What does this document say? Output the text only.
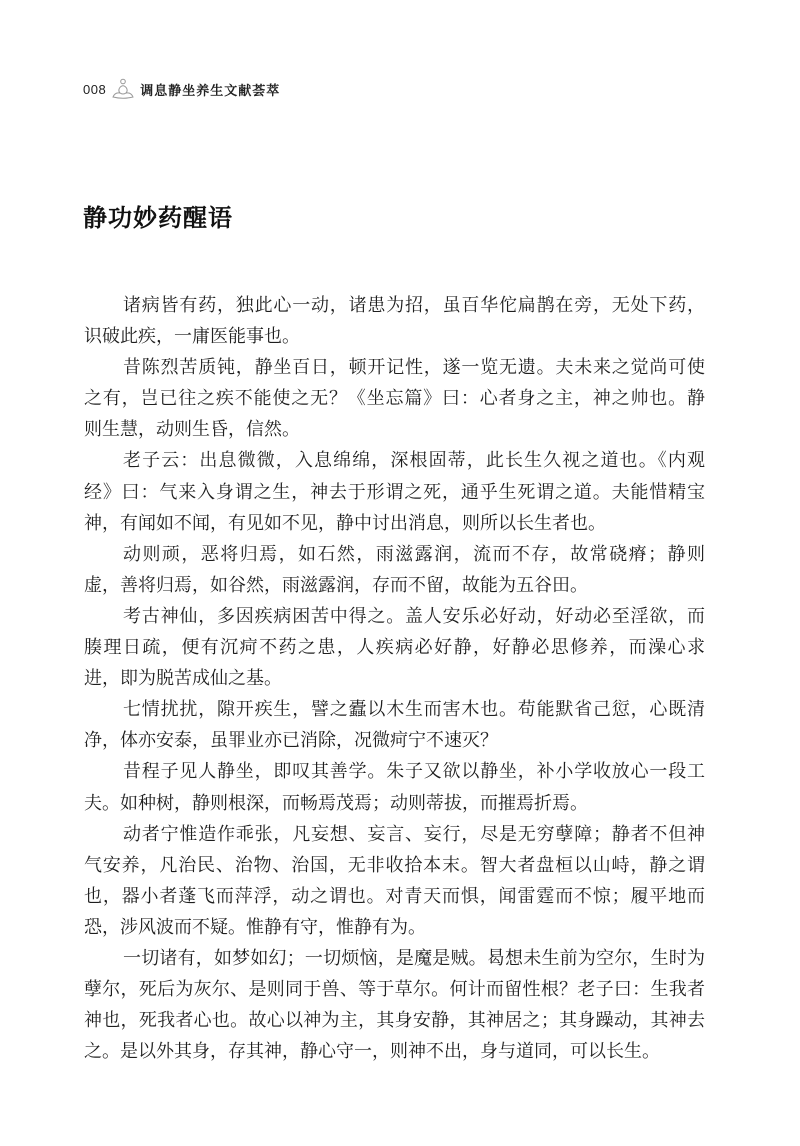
008	调息静坐养生文献荟萃
静功妙药醒语
诸病皆有药，独此心一动，诸患为招，虽百华佗扁鹊在旁，无处下药，
识破此疾，一庸医能事也。
昔陈烈苦质钝，静坐百日，顿开记性，遂一览无遗。夫未来之觉尚可使
之有，岂已往之疾不能使之无？《坐忘篇》曰：心者身之主，神之帅也。静
则生慧，动则生昏，信然。
老子云：出息微微，入息绵绵，深根固蒂，此长生久视之道也。《内观
经》曰：气来入身谓之生，神去于形谓之死，通乎生死谓之道。夫能惜精宝
神，有闻如不闻，有见如不见，静中讨出消息，则所以长生者也。
动则顽，恶将归焉，如石然，雨滋露润，流而不存，故常硗瘠；静则
虚，善将归焉，如谷然，雨滋露润，存而不留，故能为五谷田。
考古神仙，多因疾病困苦中得之。盖人安乐必好动，好动必至淫欲，而
腠理日疏，便有沉疴不药之患，人疾病必好静，好静必思修养，而澡心求
进，即为脱苦成仙之基。
七情扰扰，隙开疾生，譬之蠹以木生而害木也。苟能默省己愆，心既清
净，体亦安泰，虽罪业亦已消除，况微疴宁不速灭？
昔程子见人静坐，即叹其善学。朱子又欲以静坐，补小学收放心一段工
夫。如种树，静则根深，而畅焉茂焉；动则蒂拔，而摧焉折焉。
动者宁惟造作乖张，凡妄想、妄言、妄行，尽是无穷孽障；静者不但神
气安养，凡治民、治物、治国，无非收拾本末。智大者盘桓以山峙，静之谓
也，器小者蓬飞而萍浮，动之谓也。对青天而惧，闻雷霆而不惊；履平地而
恐，涉风波而不疑。惟静有守，惟静有为。
一切诸有，如梦如幻；一切烦恼，是魔是贼。曷想未生前为空尔，生时为
孽尔，死后为灰尔、是则同于兽、等于草尔。何计而留性根？老子曰：生我者
神也，死我者心也。故心以神为主，其身安静，其神居之；其身躁动，其神去
之。是以外其身，存其神，静心守一，则神不出，身与道同，可以长生。
